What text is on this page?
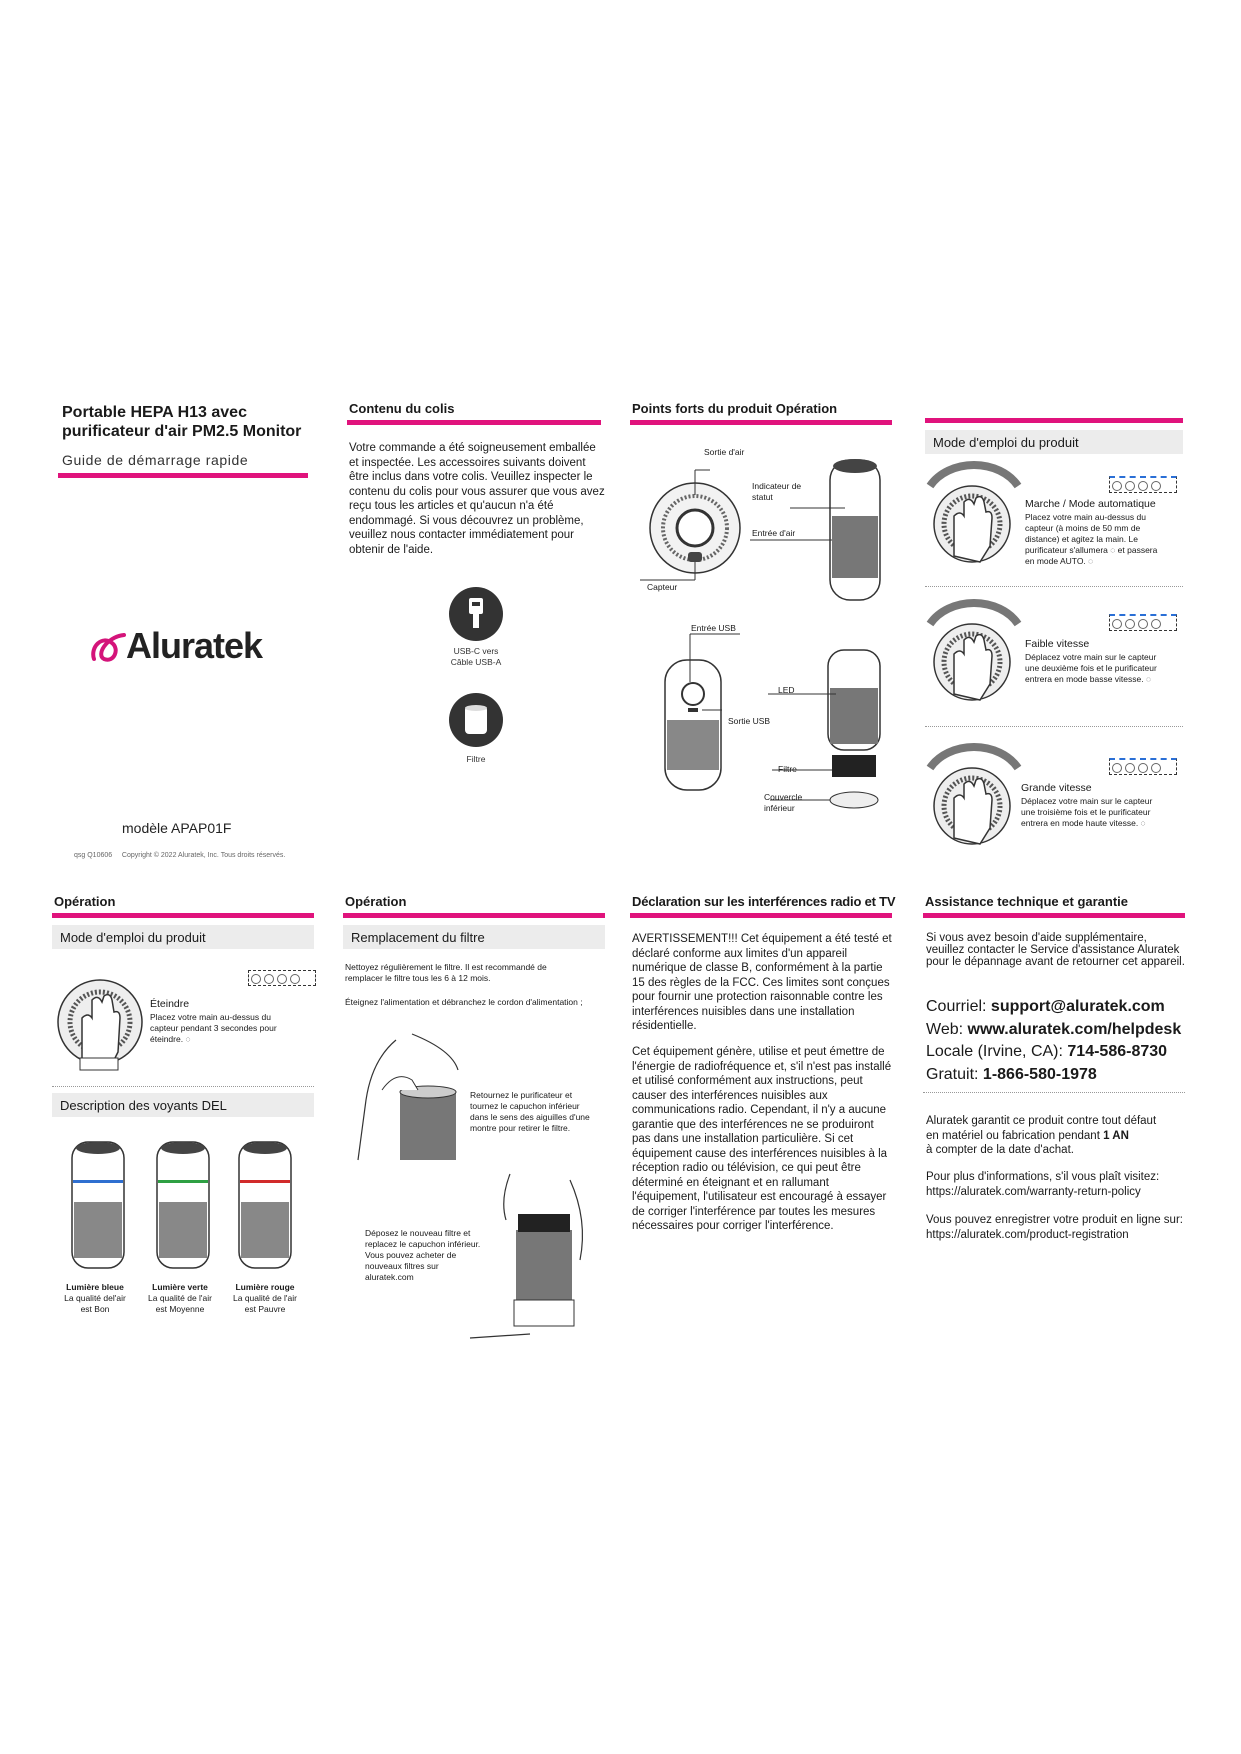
Portable HEPA H13 avec
purificateur d'air PM2.5 Monitor
Guide de démarrage rapide
Aluratek
modèle APAP01F
qsg Q10606 Copyright © 2022 Aluratek, Inc. Tous droits réservés.
Contenu du colis
Votre commande a été soigneusement emballée et inspectée. Les accessoires suivants doivent être inclus dans votre colis. Veuillez inspecter le contenu du colis pour vous assurer que vous avez reçu tous les articles et qu'aucun n'a été endommagé. Si vous découvrez un problème, veuillez nous contacter immédiatement pour obtenir de l'aide.
USB-C vers
Câble USB-A
Filtre
Points forts du produit Opération
Sortie d'air
Indicateur de
statut
Entrée d'air
Capteur
Entrée USB
LED
Sortie USB
Filtre
Couvercle
inférieur
Mode d'emploi du produit
Marche / Mode automatique
Placez votre main au-dessus du
capteur (à moins de 50 mm de
distance) et agitez la main. Le
purificateur s'allumera ◌ et passera
en mode AUTO. ◌
Faible vitesse
Déplacez votre main sur le capteur
une deuxième fois et le purificateur
entrera en mode basse vitesse. ◌
Grande vitesse
Déplacez votre main sur le capteur
une troisième fois et le purificateur
entrera en mode haute vitesse. ◌
Opération
Mode d'emploi du produit
Éteindre
Placez votre main au-dessus du
capteur pendant 3 secondes pour
éteindre. ◌
Description des voyants DEL
Lumière bleue
La qualité del'air
est Bon
Lumière verte
La qualité de l'air
est Moyenne
Lumière rouge
La qualité de l'air
est Pauvre
Opération
Remplacement du filtre
Nettoyez régulièrement le filtre. Il est recommandé de
remplacer le filtre tous les 6 à 12 mois.
Éteignez l'alimentation et débranchez le cordon d'alimentation ;
Retournez le purificateur et
tournez le capuchon inférieur
dans le sens des aiguilles d'une
montre pour retirer le filtre.
Déposez le nouveau filtre et
replacez le capuchon inférieur.
Vous pouvez acheter de
nouveaux filtres sur
aluratek.com
Déclaration sur les interférences radio et TV
AVERTISSEMENT!!! Cet équipement a été testé et déclaré conforme aux limites d'un appareil numérique de classe B, conformément à la partie 15 des règles de la FCC. Ces limites sont conçues pour fournir une protection raisonnable contre les interférences nuisibles dans une installation résidentielle.
Cet équipement génère, utilise et peut émettre de l'énergie de radiofréquence et, s'il n'est pas installé et utilisé conformément aux instructions, peut causer des interférences nuisibles aux communications radio. Cependant, il n'y a aucune garantie que des interférences ne se produiront pas dans une installation particulière. Si cet équipement cause des interférences nuisibles à la réception radio ou télévision, ce qui peut être déterminé en éteignant et en rallumant l'équipement, l'utilisateur est encouragé à essayer de corriger l'interférence par toutes les mesures nécessaires pour corriger l'interférence.
Assistance technique et garantie
Si vous avez besoin d'aide supplémentaire, veuillez contacter le Service d'assistance Aluratek pour le dépannage avant de retourner cet appareil.
Courriel: support@aluratek.com
Web: www.aluratek.com/helpdesk
Locale (Irvine, CA): 714-586-8730
Gratuit: 1-866-580-1978
Aluratek garantit ce produit contre tout défaut
en matériel ou fabrication pendant 1 AN
à compter de la date d'achat.
Pour plus d'informations, s'il vous plaît visitez:
https://aluratek.com/warranty-return-policy
Vous pouvez enregistrer votre produit en ligne sur:
https://aluratek.com/product-registration
